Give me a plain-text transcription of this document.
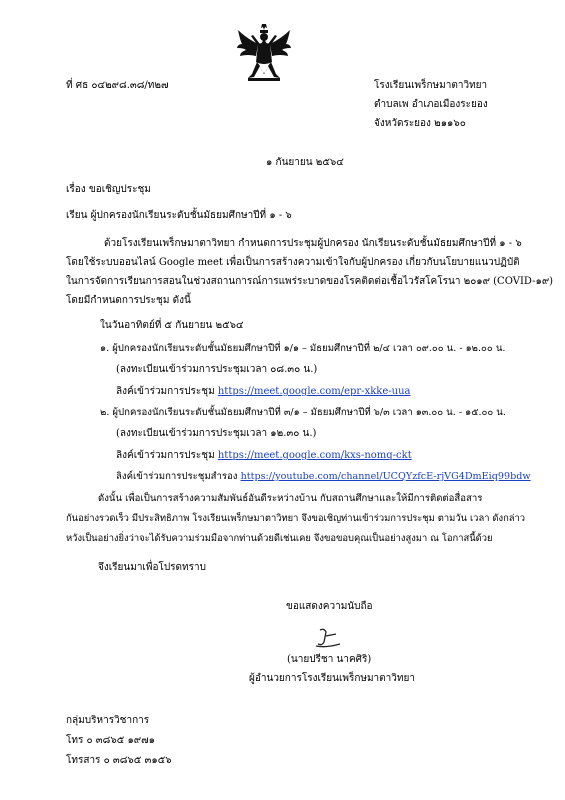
ที่ ศธ ๐๔๒๙๘.๓๘/ท๒๗	โรงเรียนเพร็กษมาตาวิทยา
ตำบลเพ อำเภอเมืองระยอง
จังหวัดระยอง ๒๑๑๖๐
๑ กันยายน ๒๕๖๔
เรื่อง ขอเชิญประชุม
เรียน ผู้ปกครองนักเรียนระดับชั้นมัธยมศึกษาปีที่ ๑ - ๖
ด้วยโรงเรียนเพร็กษมาตาวิทยา กำหนดการประชุมผู้ปกครอง นักเรียนระดับชั้นมัธยมศึกษาปีที่ ๑ - ๖
โดยใช้ระบบออนไลน์ Google meet เพื่อเป็นการสร้างความเข้าใจกับผู้ปกครอง เกี่ยวกับนโยบายแนวปฏิบัติ
ในการจัดการเรียนการสอนในช่วงสถานการณ์การแพร่ระบาดของโรคติดต่อเชื้อไวรัสโคโรนา ๒๐๑๙ (COVID-๑๙)
โดยมีกำหนดการประชุม ดังนี้
ในวันอาทิตย์ที่ ๕ กันยายน ๒๕๖๔
๑. ผู้ปกครองนักเรียนระดับชั้นมัธยมศึกษาปีที่ ๑/๑ – มัธยมศึกษาปีที่ ๒/๔ เวลา ๐๙.๐๐ น. - ๑๒.๐๐ น.
(ลงทะเบียนเข้าร่วมการประชุมเวลา ๐๘.๓๐ น.)
ลิงค์เข้าร่วมการประชุม https://meet.google.com/epr-xkke-uua
๒. ผู้ปกครองนักเรียนระดับชั้นมัธยมศึกษาปีที่ ๓/๑ – มัธยมศึกษาปีที่ ๖/๓ เวลา ๑๓.๐๐ น. - ๑๕.๐๐ น.
(ลงทะเบียนเข้าร่วมการประชุมเวลา ๑๒.๓๐ น.)
ลิงค์เข้าร่วมการประชุม https://meet.google.com/kxs-nomq-ckt
ลิงค์เข้าร่วมการประชุมสำรอง https://youtube.com/channel/UCQYzfcE-rjVG4DmEiq99bdw
ดังนั้น เพื่อเป็นการสร้างความสัมพันธ์อันดีระหว่างบ้าน กับสถานศึกษาและให้มีการติดต่อสื่อสาร
กันอย่างรวดเร็ว มีประสิทธิภาพ โรงเรียนเพร็กษมาตาวิทยา จึงขอเชิญท่านเข้าร่วมการประชุม ตามวัน เวลา ดังกล่าว
หวังเป็นอย่างยิ่งว่าจะได้รับความร่วมมือจากท่านด้วยดีเช่นเคย จึงขอขอบคุณเป็นอย่างสูงมา ณ โอกาสนี้ด้วย
จึงเรียนมาเพื่อโปรดทราบ
ขอแสดงความนับถือ
(นายปรีชา นาคศิริ)
ผู้อำนวยการโรงเรียนเพร็กษมาตาวิทยา
กลุ่มบริหารวิชาการ
โทร ๐ ๓๘๖๕ ๑๙๗๑
โทรสาร ๐ ๓๘๖๕ ๓๑๕๖
